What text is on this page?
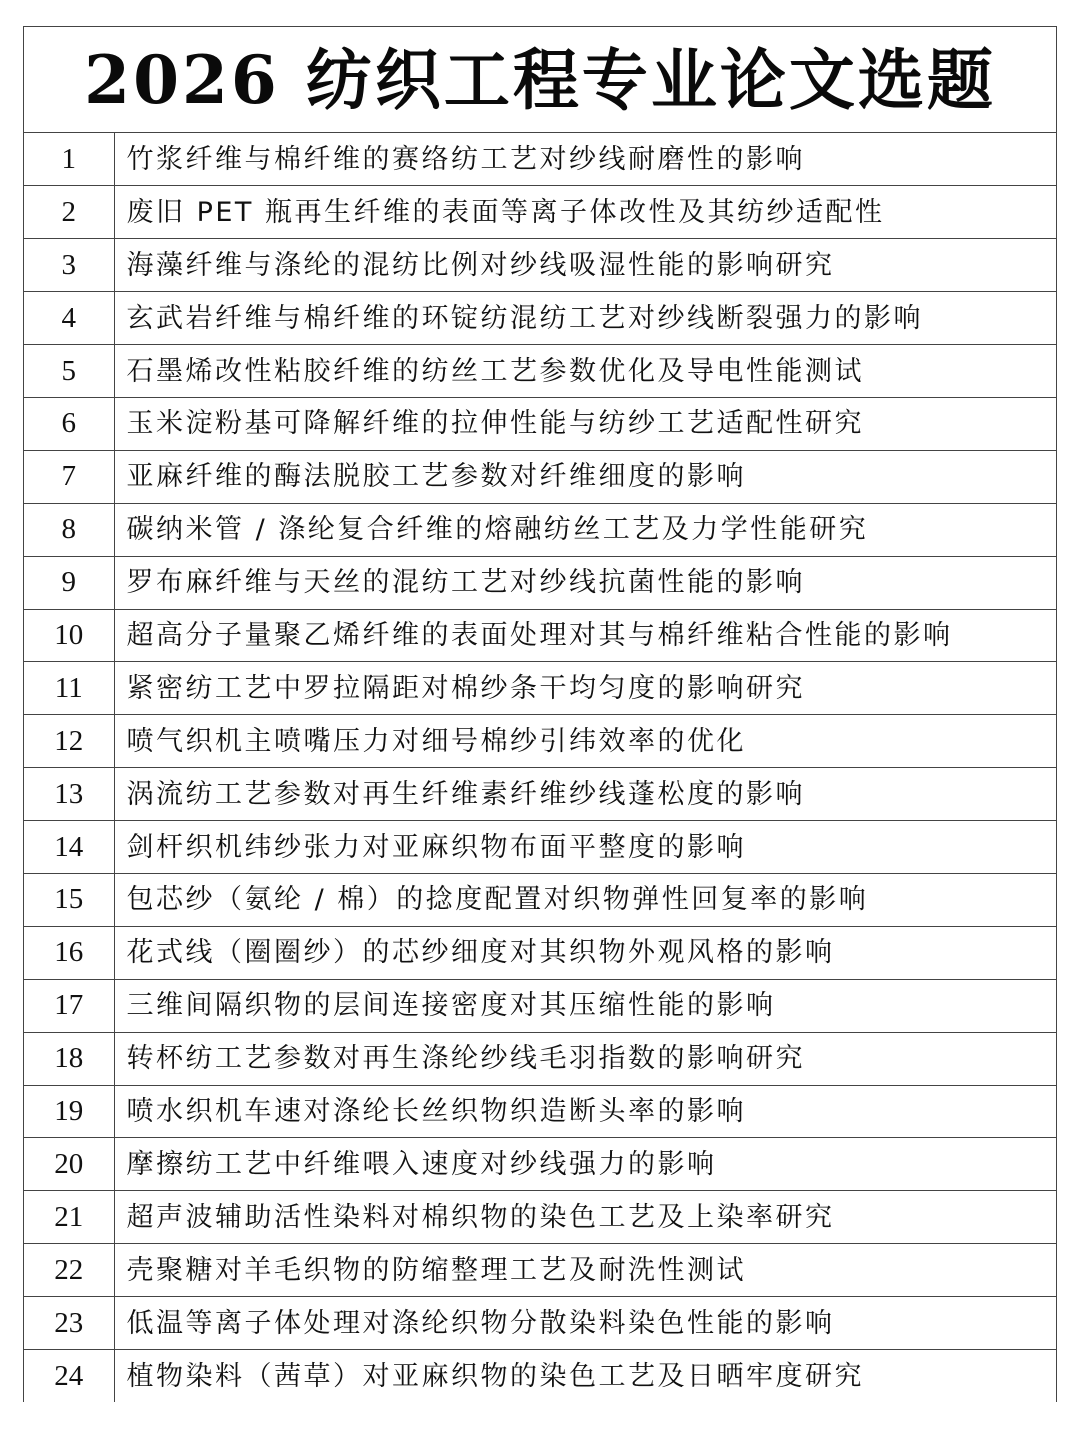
2026 纺织工程专业论文选题
1	竹浆纤维与棉纤维的赛络纺工艺对纱线耐磨性的影响
2	废旧 PET 瓶再生纤维的表面等离子体改性及其纺纱适配性
3	海藻纤维与涤纶的混纺比例对纱线吸湿性能的影响研究
4	玄武岩纤维与棉纤维的环锭纺混纺工艺对纱线断裂强力的影响
5	石墨烯改性粘胶纤维的纺丝工艺参数优化及导电性能测试
6	玉米淀粉基可降解纤维的拉伸性能与纺纱工艺适配性研究
7	亚麻纤维的酶法脱胶工艺参数对纤维细度的影响
8	碳纳米管 / 涤纶复合纤维的熔融纺丝工艺及力学性能研究
9	罗布麻纤维与天丝的混纺工艺对纱线抗菌性能的影响
10	超高分子量聚乙烯纤维的表面处理对其与棉纤维粘合性能的影响
11	紧密纺工艺中罗拉隔距对棉纱条干均匀度的影响研究
12	喷气织机主喷嘴压力对细号棉纱引纬效率的优化
13	涡流纺工艺参数对再生纤维素纤维纱线蓬松度的影响
14	剑杆织机纬纱张力对亚麻织物布面平整度的影响
15	包芯纱（氨纶 / 棉）的捻度配置对织物弹性回复率的影响
16	花式线（圈圈纱）的芯纱细度对其织物外观风格的影响
17	三维间隔织物的层间连接密度对其压缩性能的影响
18	转杯纺工艺参数对再生涤纶纱线毛羽指数的影响研究
19	喷水织机车速对涤纶长丝织物织造断头率的影响
20	摩擦纺工艺中纤维喂入速度对纱线强力的影响
21	超声波辅助活性染料对棉织物的染色工艺及上染率研究
22	壳聚糖对羊毛织物的防缩整理工艺及耐洗性测试
23	低温等离子体处理对涤纶织物分散染料染色性能的影响
24	植物染料（茜草）对亚麻织物的染色工艺及日晒牢度研究
